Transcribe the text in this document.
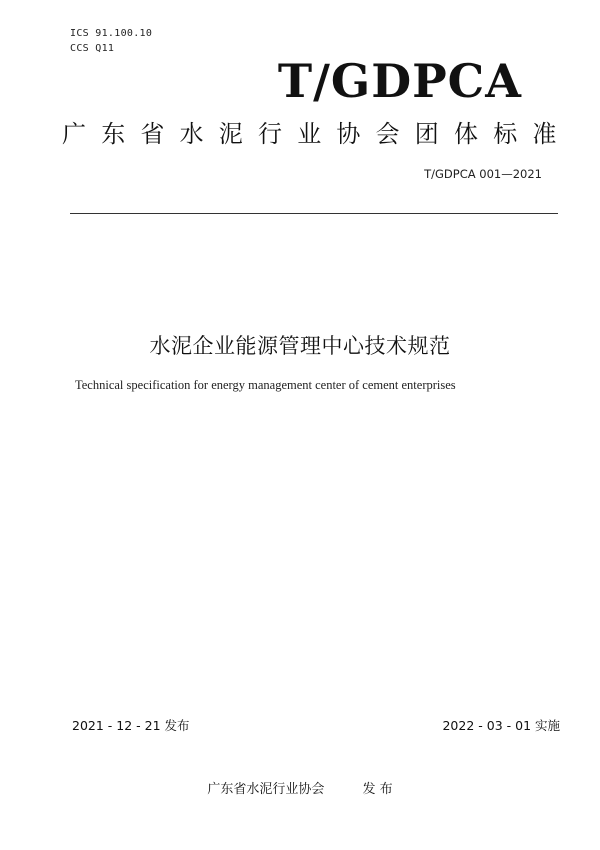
ICS 91.100.10
CCS Q11
T/GDPCA
广东省水泥行业协会团体标准
T/GDPCA 001—2021
水泥企业能源管理中心技术规范
Technical specification for energy management center of cement enterprises
2021 - 12 - 21 发布	2022 - 03 - 01 实施
广东省水泥行业协会	发 布
